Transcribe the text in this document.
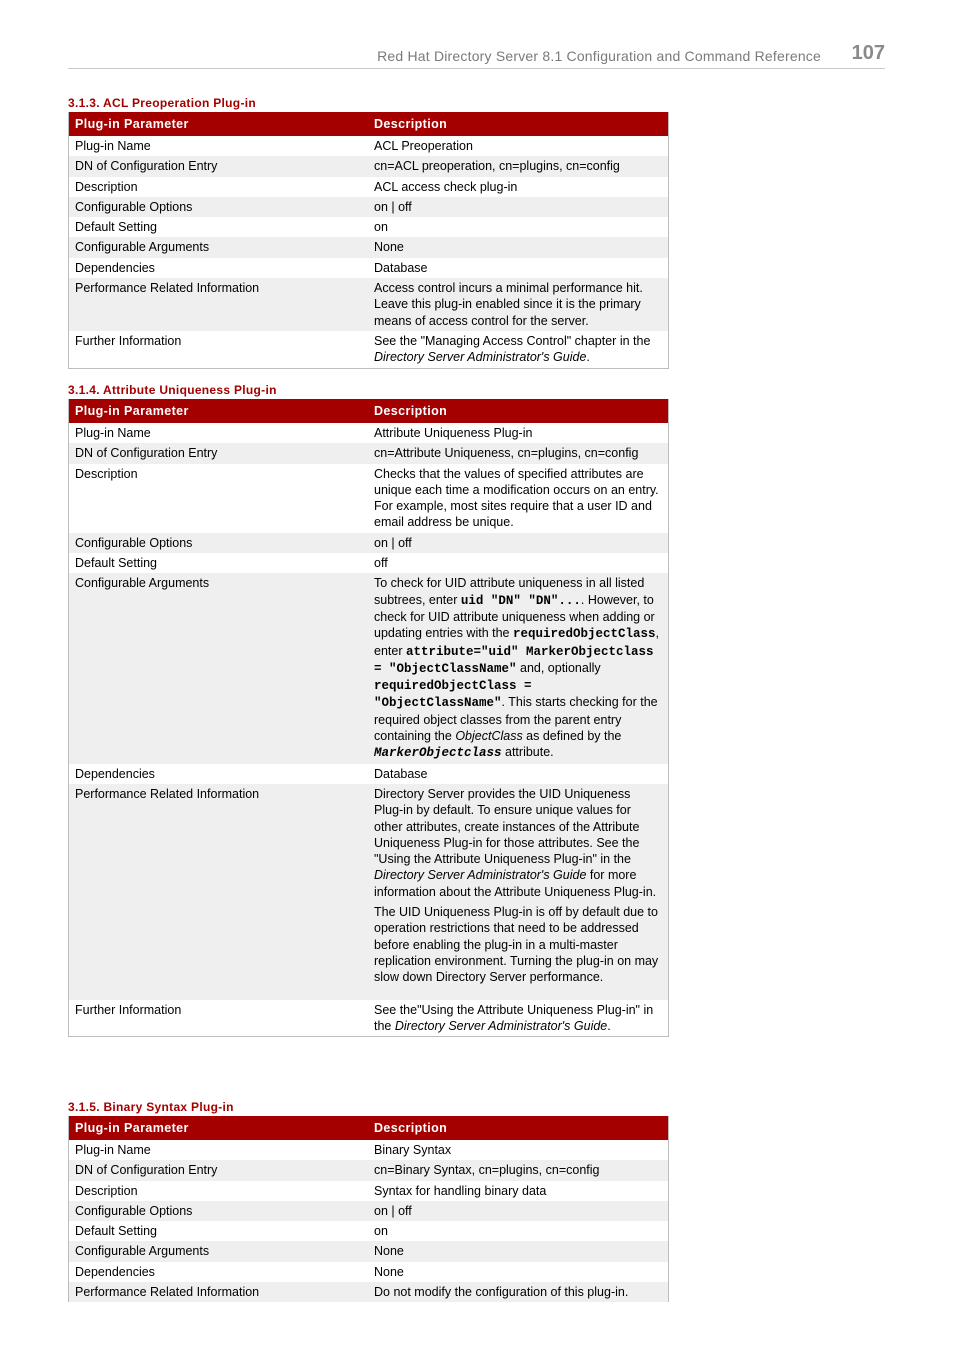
Red Hat Directory Server 8.1 Configuration and Command Reference 107
3.1.3. ACL Preoperation Plug-in
Plug-in Parameter	Description
Plug-in Name	ACL Preoperation
DN of Configuration Entry	cn=ACL preoperation, cn=plugins, cn=config
Description	ACL access check plug-in
Configurable Options	on | off
Default Setting	on
Configurable Arguments	None
Dependencies	Database
Performance Related Information	Access control incurs a minimal performance hit. Leave this plug-in enabled since it is the primary means of access control for the server.
Further Information	See the "Managing Access Control" chapter in the Directory Server Administrator's Guide.
3.1.4. Attribute Uniqueness Plug-in
Plug-in Parameter	Description
Plug-in Name	Attribute Uniqueness Plug-in
DN of Configuration Entry	cn=Attribute Uniqueness, cn=plugins, cn=config
Description	Checks that the values of specified attributes are unique each time a modification occurs on an entry. For example, most sites require that a user ID and email address be unique.
Configurable Options	on | off
Default Setting	off
Configurable Arguments	To check for UID attribute uniqueness in all listed subtrees, enter uid "DN" "DN".... However, to check for UID attribute uniqueness when adding or updating entries with the requiredObjectClass, enter attribute="uid" MarkerObjectclass = "ObjectClassName" and, optionally requiredObjectClass = "ObjectClassName". This starts checking for the required object classes from the parent entry containing the ObjectClass as defined by the MarkerObjectclass attribute.
Dependencies	Database
Performance Related Information	Directory Server provides the UID Uniqueness Plug-in by default. To ensure unique values for other attributes, create instances of the Attribute Uniqueness Plug-in for those attributes. See the "Using the Attribute Uniqueness Plug-in" in the Directory Server Administrator's Guide for more information about the Attribute Uniqueness Plug-in.

The UID Uniqueness Plug-in is off by default due to operation restrictions that need to be addressed before enabling the plug-in in a multi-master replication environment. Turning the plug-in on may slow down Directory Server performance.

Further Information	See the"Using the Attribute Uniqueness Plug-in" in the Directory Server Administrator's Guide.
3.1.5. Binary Syntax Plug-in
Plug-in Parameter	Description
Plug-in Name	Binary Syntax
DN of Configuration Entry	cn=Binary Syntax, cn=plugins, cn=config
Description	Syntax for handling binary data
Configurable Options	on | off
Default Setting	on
Configurable Arguments	None
Dependencies	None
Performance Related Information	Do not modify the configuration of this plug-in.
